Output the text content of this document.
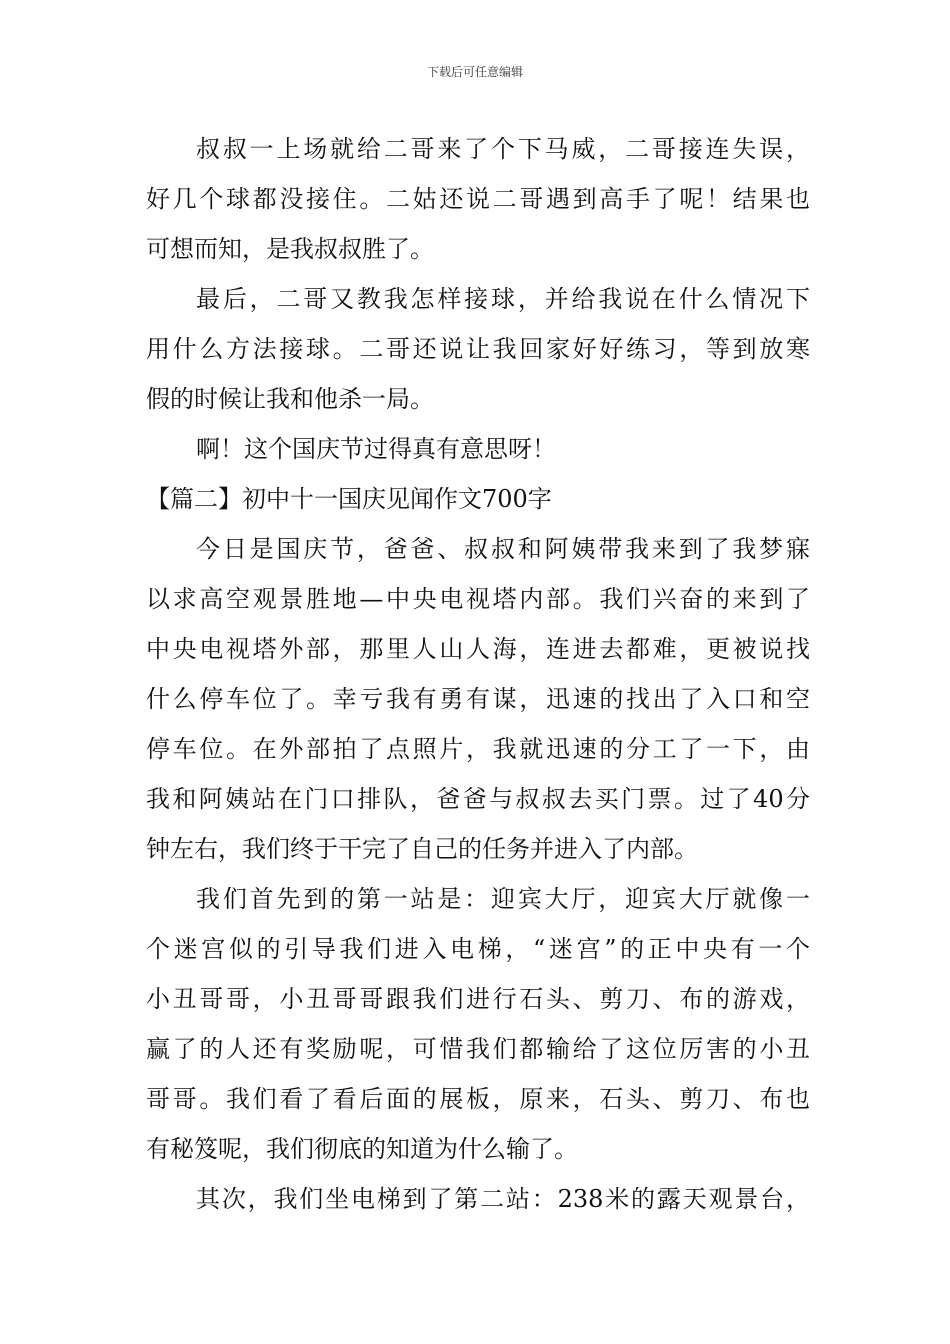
下载后可任意编辑
叔叔一上场就给二哥来了个下马威，二哥接连失误，
好几个球都没接住。二姑还说二哥遇到高手了呢！结果也
可想而知，是我叔叔胜了。
最后，二哥又教我怎样接球，并给我说在什么情况下
用什么方法接球。二哥还说让我回家好好练习，等到放寒
假的时候让我和他杀一局。
啊！这个国庆节过得真有意思呀！
【篇二】初中十一国庆见闻作文700字
今日是国庆节，爸爸、叔叔和阿姨带我来到了我梦寐
以求高空观景胜地—中央电视塔内部。我们兴奋的来到了
中央电视塔外部，那里人山人海，连进去都难，更被说找
什么停车位了。幸亏我有勇有谋，迅速的找出了入口和空
停车位。在外部拍了点照片，我就迅速的分工了一下，由
我和阿姨站在门口排队，爸爸与叔叔去买门票。过了40分
钟左右，我们终于干完了自己的任务并进入了内部。
我们首先到的第一站是：迎宾大厅，迎宾大厅就像一
个迷宫似的引导我们进入电梯，“迷宫”的正中央有一个
小丑哥哥，小丑哥哥跟我们进行石头、剪刀、布的游戏，
赢了的人还有奖励呢，可惜我们都输给了这位厉害的小丑
哥哥。我们看了看后面的展板，原来，石头、剪刀、布也
有秘笈呢，我们彻底的知道为什么输了。
其次，我们坐电梯到了第二站：238米的露天观景台，
